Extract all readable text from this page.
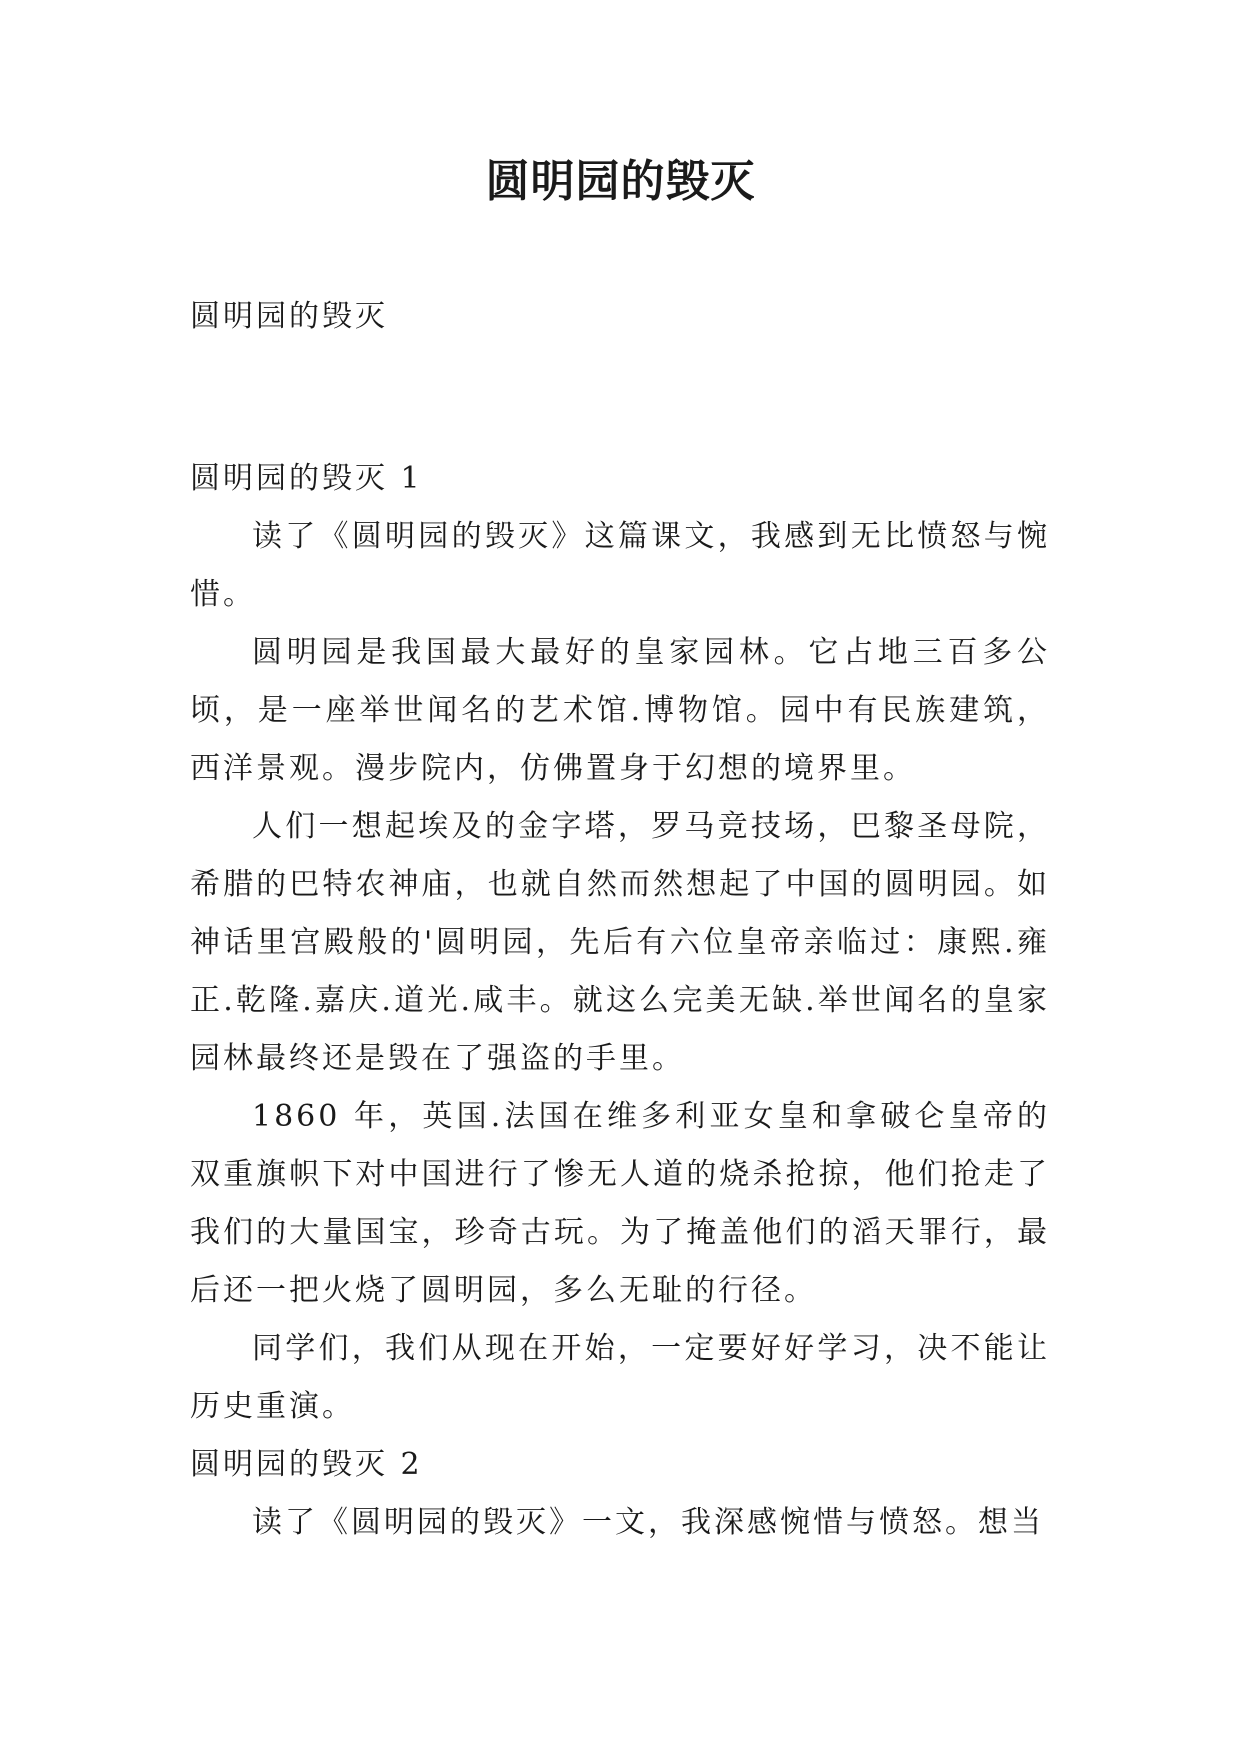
圆明园的毁灭

圆明园的毁灭

圆明园的毁灭 1

读了《圆明园的毁灭》这篇课文，我感到无比愤怒与惋惜。

圆明园是我国最大最好的皇家园林。它占地三百多公顷，是一座举世闻名的艺术馆.博物馆。园中有民族建筑，西洋景观。漫步院内，仿佛置身于幻想的境界里。

人们一想起埃及的金字塔，罗马竞技场，巴黎圣母院，希腊的巴特农神庙，也就自然而然想起了中国的圆明园。如神话里宫殿般的'圆明园，先后有六位皇帝亲临过：康熙.雍正.乾隆.嘉庆.道光.咸丰。就这么完美无缺.举世闻名的皇家园林最终还是毁在了强盗的手里。

1860 年，英国.法国在维多利亚女皇和拿破仑皇帝的双重旗帜下对中国进行了惨无人道的烧杀抢掠，他们抢走了我们的大量国宝，珍奇古玩。为了掩盖他们的滔天罪行，最后还一把火烧了圆明园，多么无耻的行径。

同学们，我们从现在开始，一定要好好学习，决不能让历史重演。

圆明园的毁灭 2

读了《圆明园的毁灭》一文，我深感惋惜与愤怒。想当
